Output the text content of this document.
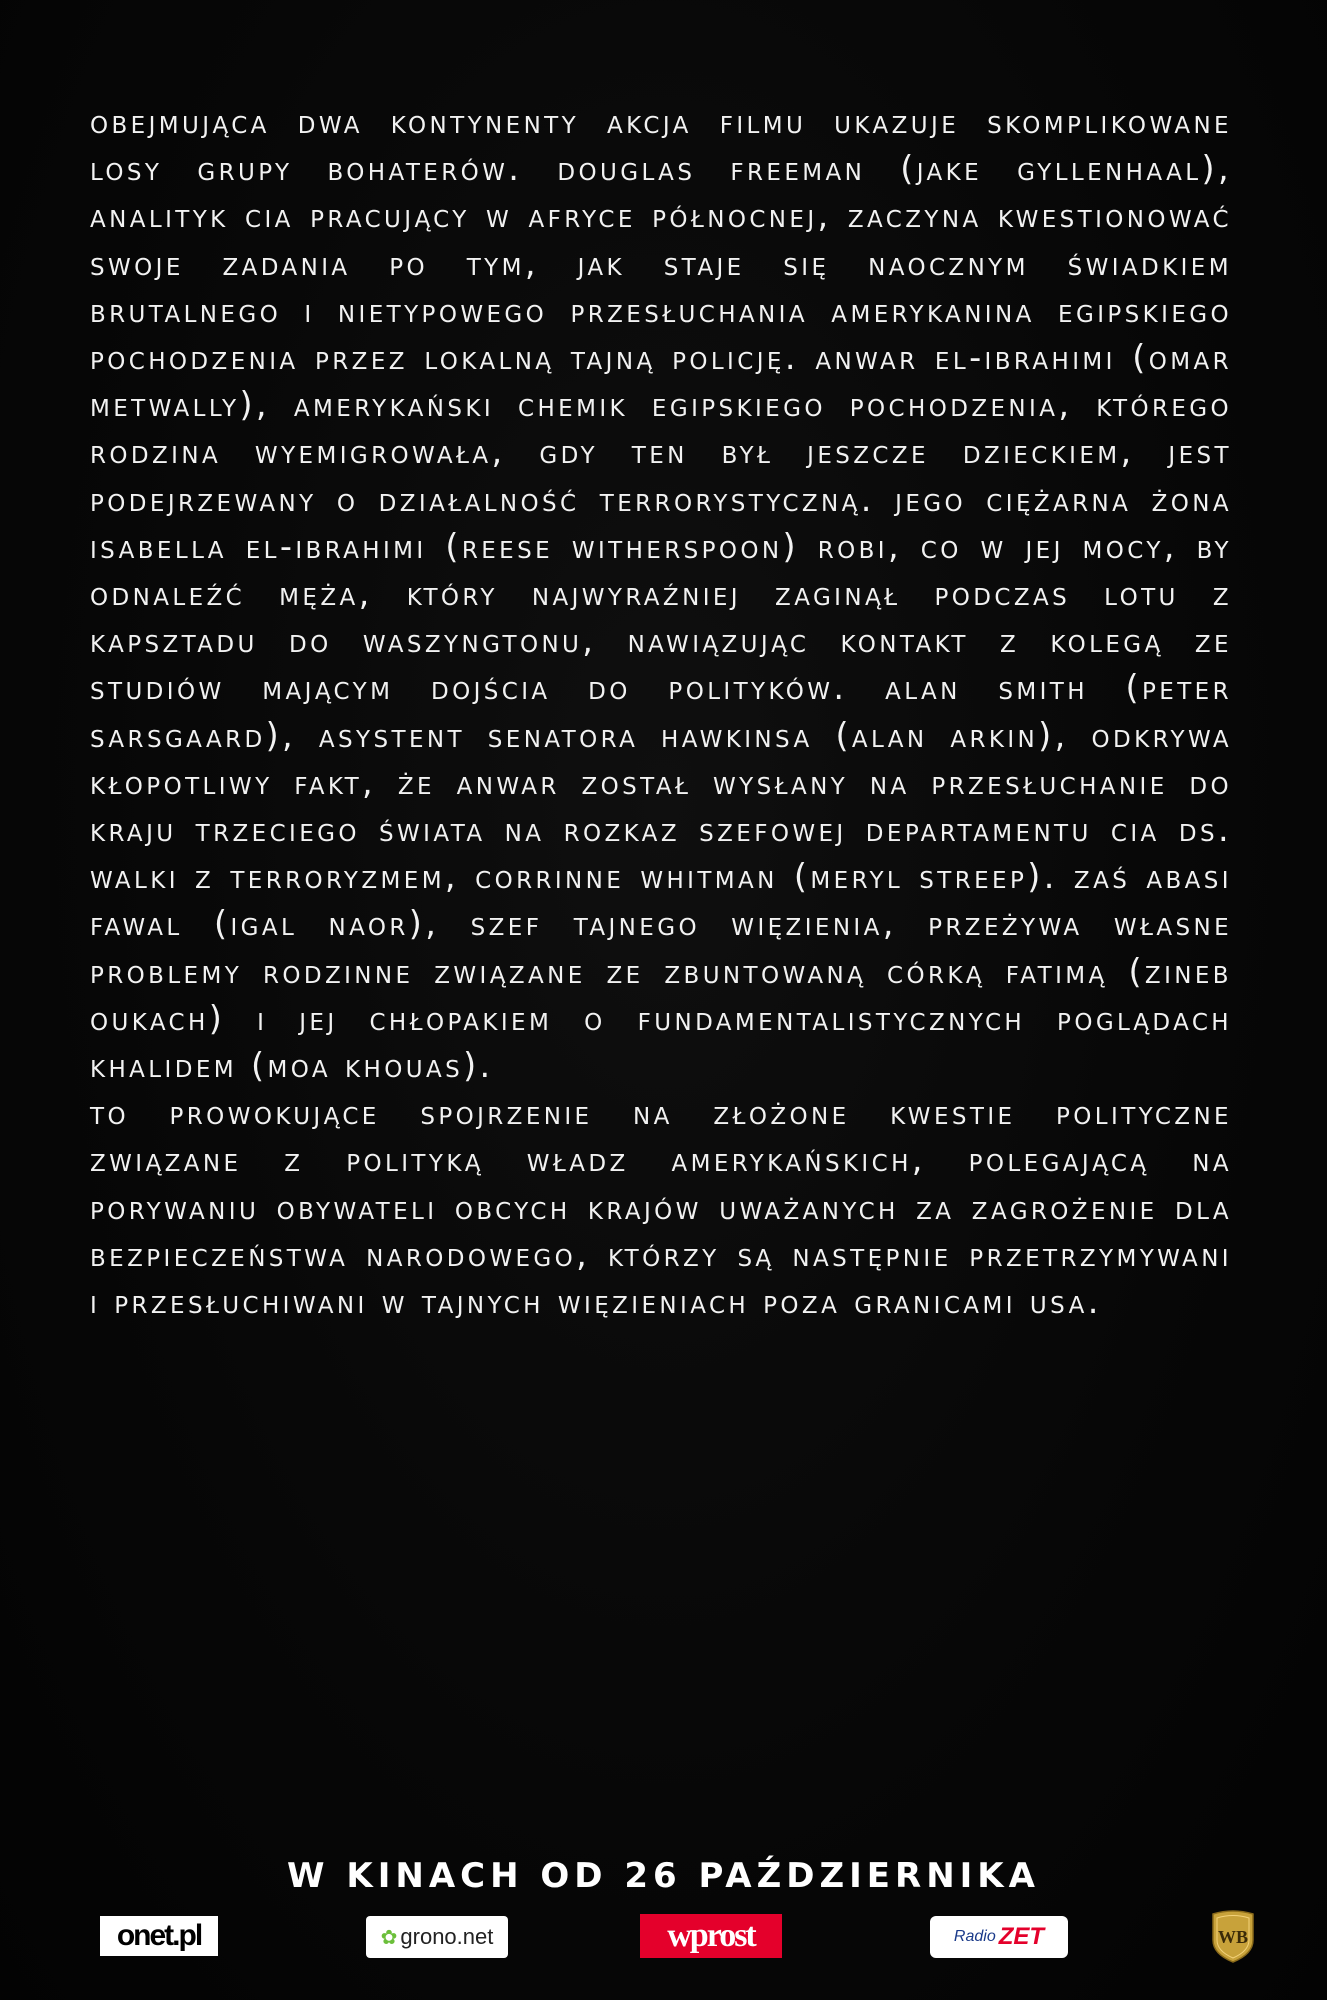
obejmująca dwa kontynenty akcja filmu ukazuje skomplikowane losy grupy bohaterów. douglas freeman (jake gyllenhaal), analityk cia pracujący w afryce północnej, zaczyna kwestionować swoje zadania po tym, jak staje się naocznym świadkiem brutalnego i nietypowego przesłuchania amerykanina egipskiego pochodzenia przez lokalną tajną policję. anwar el-ibrahimi (omar metwally), amerykański chemik egipskiego pochodzenia, którego rodzina wyemigrowała, gdy ten był jeszcze dzieckiem, jest podejrzewany o działalność terrorystyczną. jego ciężarna żona isabella el-ibrahimi (reese witherspoon) robi, co w jej mocy, by odnaleźć męża, który najwyraźniej zaginął podczas lotu z kapsztadu do waszyngtonu, nawiązując kontakt z kolegą ze studiów mającym dojścia do polityków. alan smith (peter sarsgaard), asystent senatora hawkinsa (alan arkin), odkrywa kłopotliwy fakt, że anwar został wysłany na przesłuchanie do kraju trzeciego świata na rozkaz szefowej departamentu cia ds. walki z terroryzmem, corrinne whitman (meryl streep). zaś abasi fawal (igal naor), szef tajnego więzienia, przeżywa własne problemy rodzinne związane ze zbuntowaną córką fatimą (zineb oukach) i jej chłopakiem o fundamentalistycznych poglądach khalidem (moa khouas).

to prowokujące spojrzenie na złożone kwestie polityczne związane z polityką władz amerykańskich, polegającą na porywaniu obywateli obcych krajów uważanych za zagrożenie dla bezpieczeństwa narodowego, którzy są następnie przetrzymywani i przesłuchiwani w tajnych więzieniach poza granicami usa.

W KINACH OD 26 PAŹDZIERNIKA
onet.pl	✿ grono.net	wprost	Radio ZET	WB
